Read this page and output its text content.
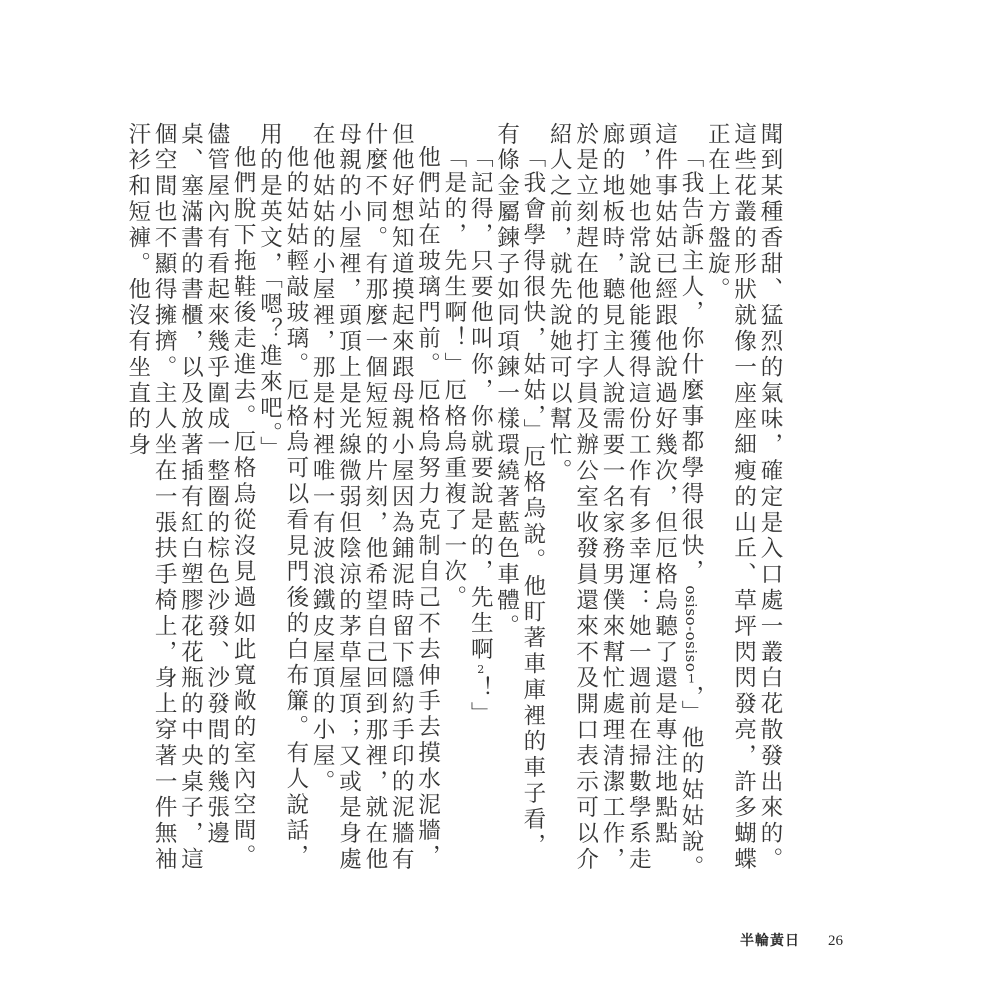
聞到某種香甜、猛烈的氣味，確定是入口處一叢白花散發出來的。這些花叢的形狀就像一座座細瘦的山丘、草坪閃閃發亮，許多蝴蝶正在上方盤旋。

「我告訴主人，你什麼事都學得很快，osiso-osiso1，」他的姑姑說。這件事姑姑已經跟他說過好幾次，但厄格烏聽了還是專注地點點頭，她也常說他能獲得這份工作有多幸運：她一週前在掃數學系走廊的地板時，聽見主人說需要一名家務男僕來幫忙處理清潔工作，於是立刻趕在他的打字員及辦公室收發員還來不及開口表示可以介紹人之前，就先說她可以幫忙。

「我會學得很快，姑姑，」厄格烏說。他盯著車庫裡的車子看，有條金屬鍊子如同項鍊一樣環繞著藍色車體。

「記得，只要他叫你，你就要說是的，先生啊2！」

「是的，先生啊！」厄格烏重複了一次。

他們站在玻璃門前。厄格烏努力克制自己不去伸手去摸水泥牆，但他好想知道摸起來跟母親小屋因為鋪泥時留下隱約手印的泥牆有什麼不同。有那麼一個短短的片刻，他希望自己回到那裡，就在他母親的小屋裡，頭頂上是光線微弱但陰涼的茅草屋頂；又或是身處在他姑姑的小屋裡，那是村裡唯一有波浪鐵皮屋頂的小屋。

他的姑姑輕敲玻璃。厄格烏可以看見門後的白布簾。有人說話，用的是英文，「嗯？進來吧。」

他們脫下拖鞋後走進去。厄格烏從沒見過如此寬敞的室內空間。儘管屋內有看起來幾乎圍成一整圈的棕色沙發、沙發間的幾張邊桌、塞滿書的書櫃，以及放著插有紅白塑膠花花瓶的中央桌子，這個空間也不顯得擁擠。主人坐在一張扶手椅上，身上穿著一件無袖汗衫和短褲。他沒有坐直的身

半輪黃日 26
